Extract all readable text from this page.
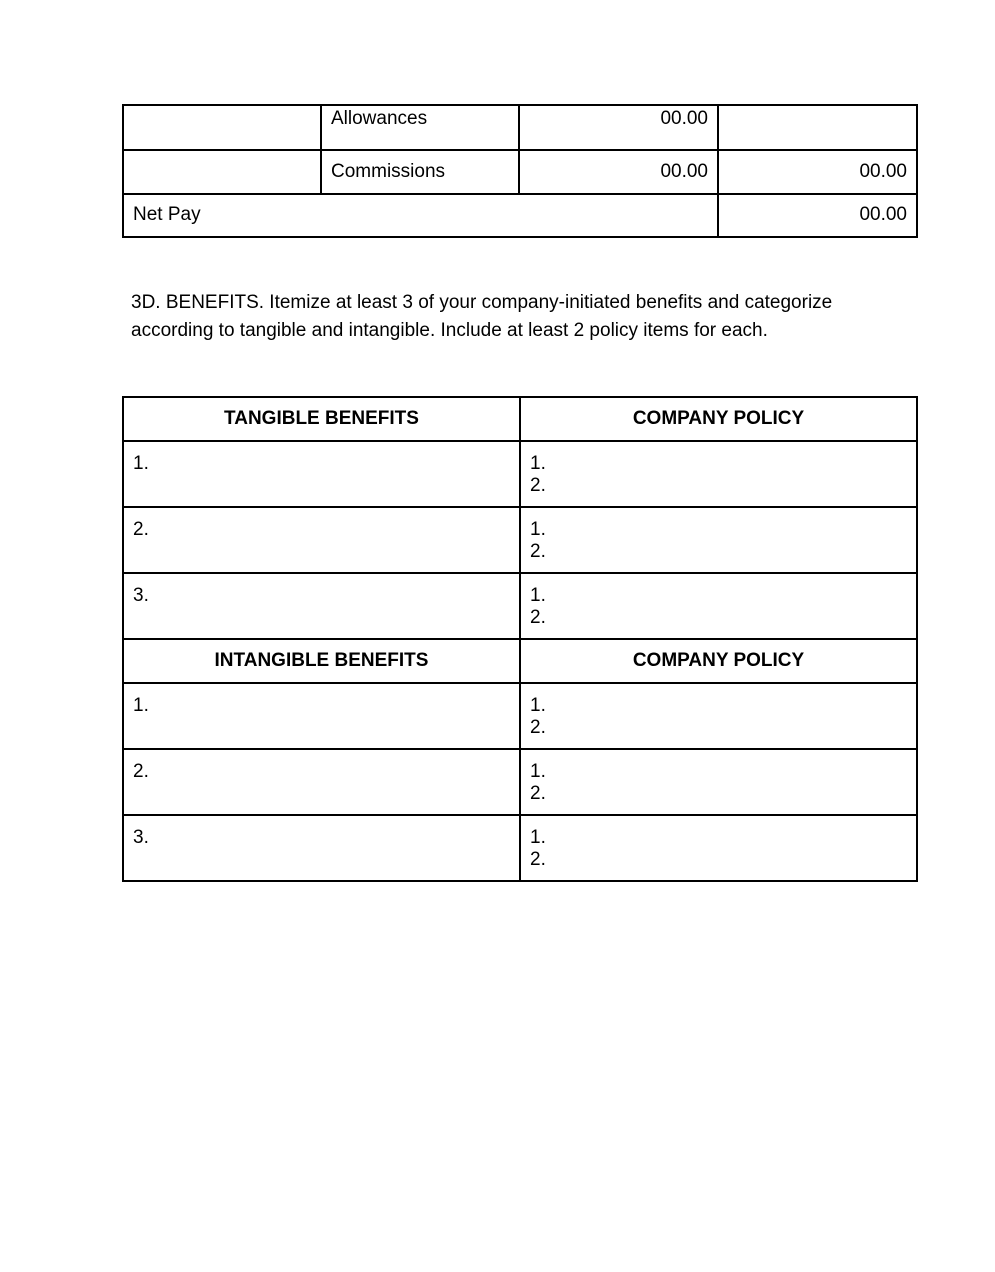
	Allowances	00.00	
	Commissions	00.00	00.00
Net Pay			00.00

3D. BENEFITS. Itemize at least 3 of your company-initiated benefits and categorize according to tangible and intangible. Include at least 2 policy items for each.

TANGIBLE BENEFITS	COMPANY POLICY
1.	1.
2.

2.	1.
2.

3.	1.
2.

INTANGIBLE BENEFITS	COMPANY POLICY
1.	1.
2.

2.	1.
2.

3.	1.
2.
